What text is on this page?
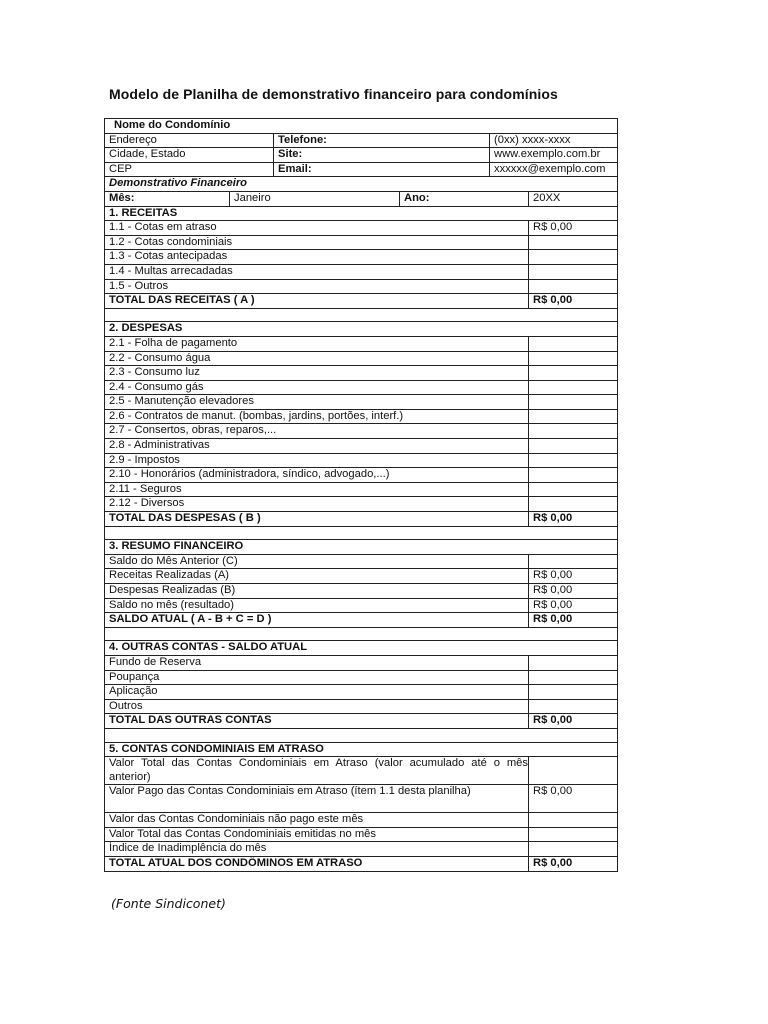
Modelo de Planilha de demonstrativo financeiro para condomínios
Nome do Condomínio					
Endereço		Telefone:		(0xx) xxxx-xxxx	
Cidade, Estado		Site:		www.exemplo.com.br	
CEP		Email:		xxxxxx@exemplo.com	
Demonstrativo Financeiro					
Mês:	Janeiro		Ano:		20XX
1. RECEITAS					
1.1 - Cotas em atraso					R$ 0,00
1.2 - Cotas condominiais					
1.3 - Cotas antecipadas					
1.4 - Multas arrecadadas					
1.5 - Outros					
TOTAL DAS RECEITAS ( A )					R$ 0,00

2. DESPESAS					
2.1 - Folha de pagamento					
2.2 - Consumo água					
2.3 - Consumo luz					
2.4 - Consumo gás					
2.5 - Manutenção elevadores					
2.6 - Contratos de manut. (bombas, jardins, portões, interf.)					
2.7 - Consertos, obras, reparos,...					
2.8 - Administrativas					
2.9 - Impostos					
2.10 - Honorários (administradora, síndico, advogado,...)					
2.11 - Seguros					
2.12 - Diversos					
TOTAL DAS DESPESAS ( B )					R$ 0,00

3. RESUMO FINANCEIRO					
Saldo do Mês Anterior (C)					
Receitas Realizadas (A)					R$ 0,00
Despesas Realizadas (B)					R$ 0,00
Saldo no mês (resultado)					R$ 0,00
SALDO ATUAL ( A - B + C = D )					R$ 0,00

4. OUTRAS CONTAS - SALDO ATUAL					
Fundo de Reserva					
Poupança					
Aplicação					
Outros					
TOTAL DAS OUTRAS CONTAS					R$ 0,00

5. CONTAS CONDOMINIAIS EM ATRASO					
Valor Total das Contas Condominiais em Atraso (valor acumulado até o mês anterior)					
Valor Pago das Contas Condominiais em Atraso (ítem 1.1 desta planilha)					R$ 0,00
Valor das Contas Condominiais não pago este mês					
Valor Total das Contas Condominiais emitidas no mês					
Índice de Inadimplência do mês					
TOTAL ATUAL DOS CONDÔMINOS EM ATRASO					R$ 0,00
(Fonte Sindiconet)
